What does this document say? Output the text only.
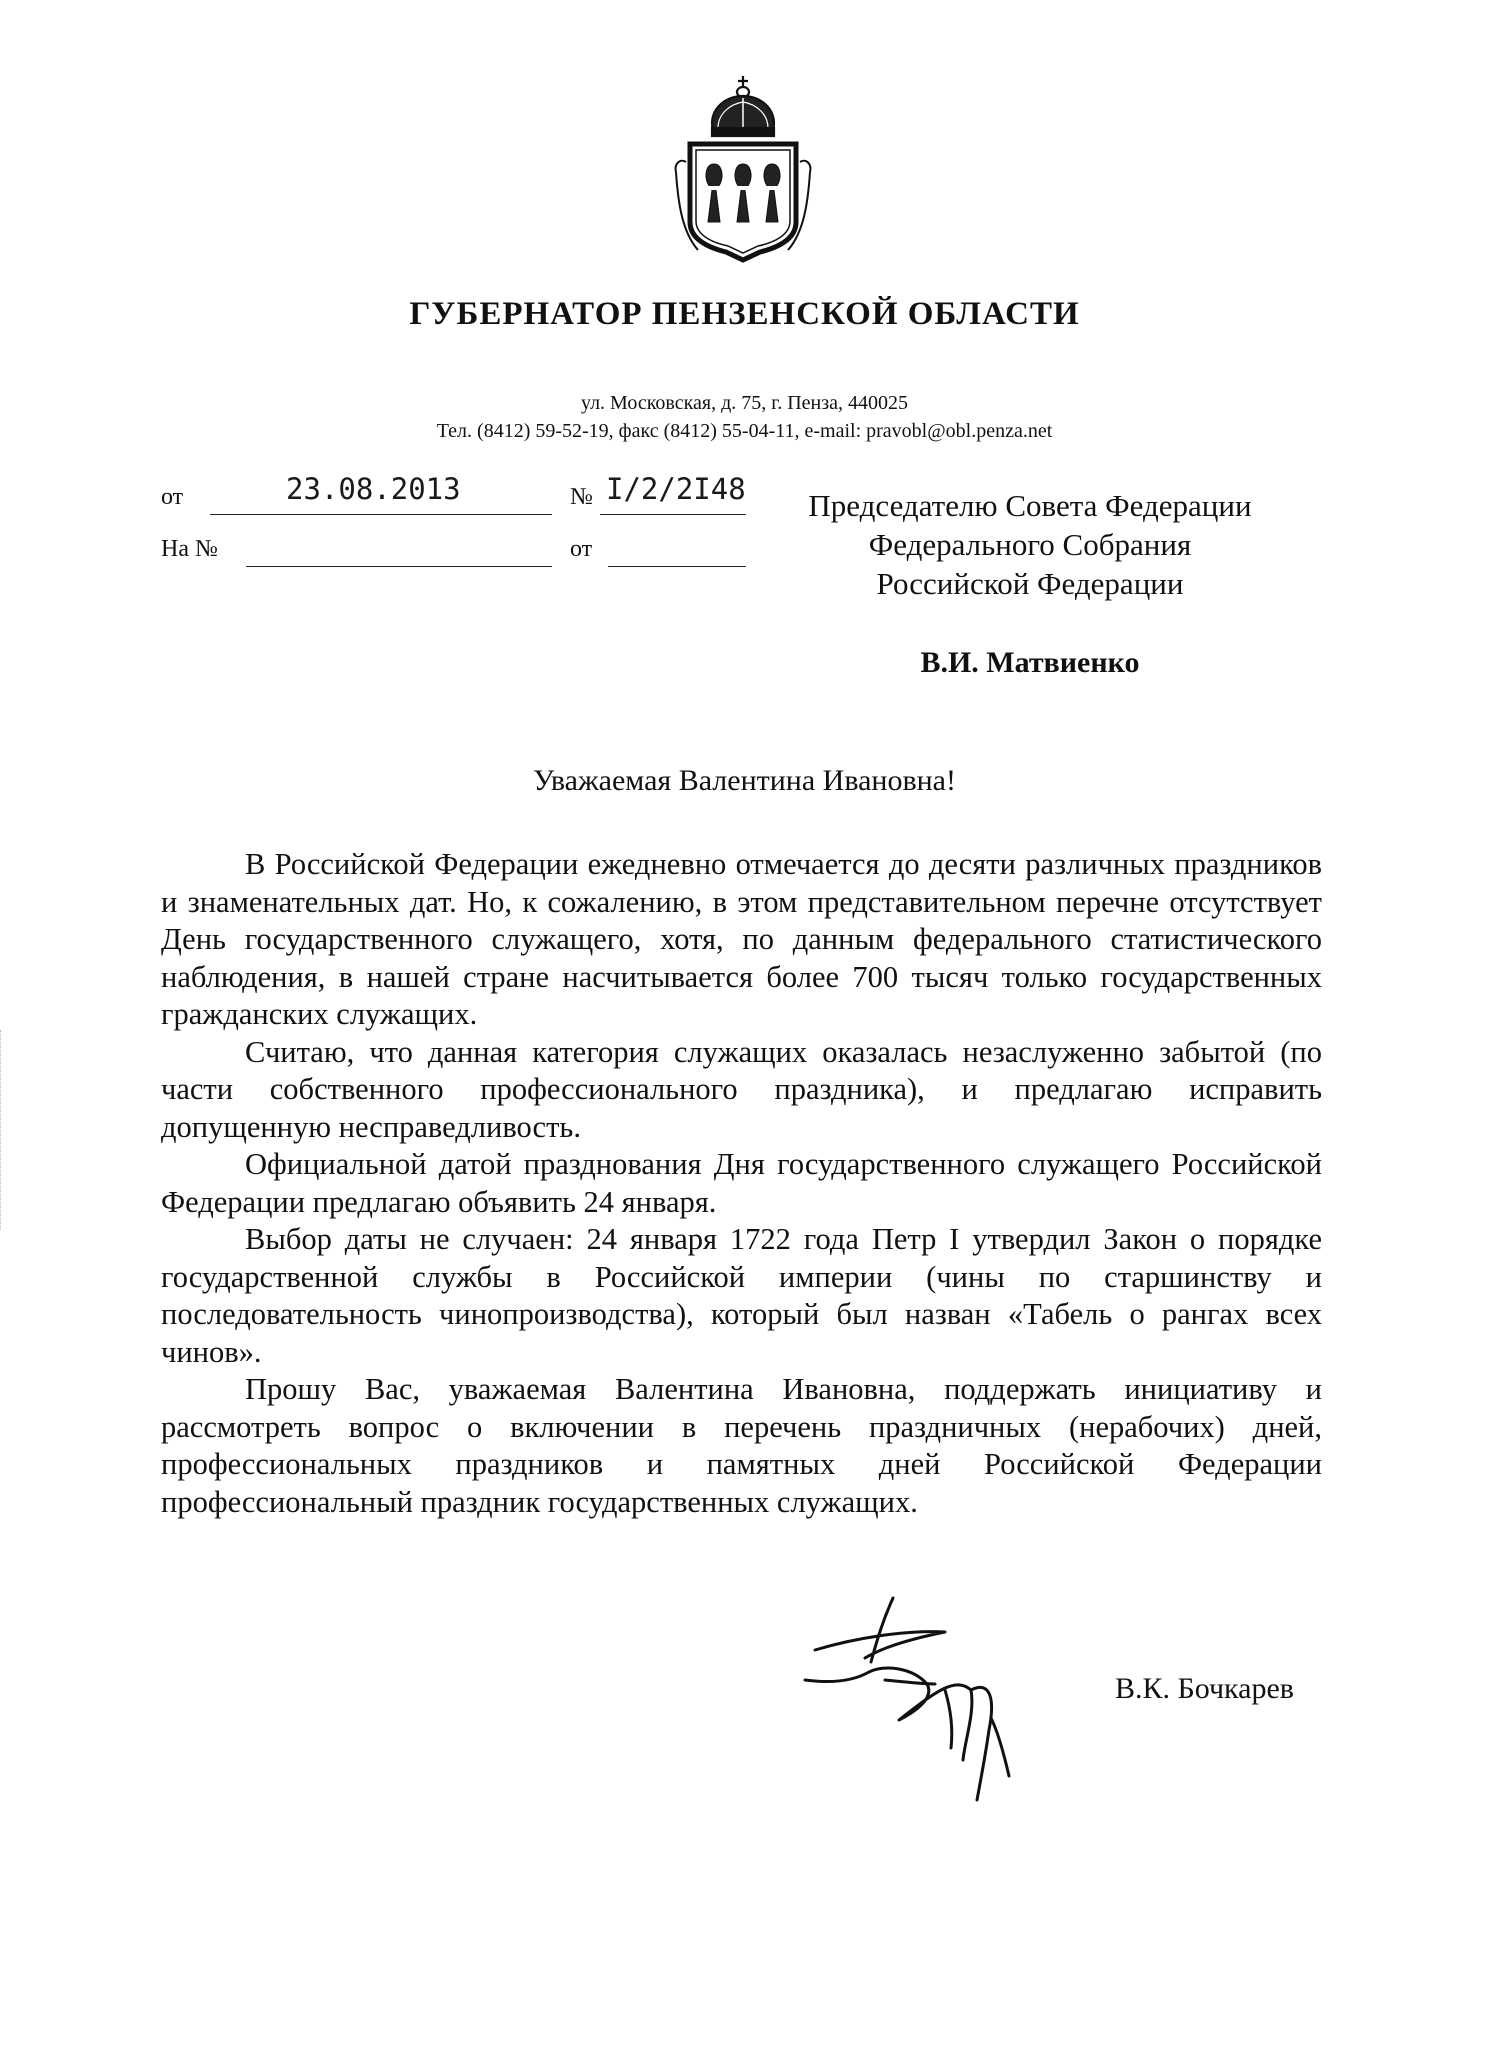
ГУБЕРНАТОР ПЕНЗЕНСКОЙ ОБЛАСТИ
ул. Московская, д. 75, г. Пенза, 440025
Тел. (8412) 59-52-19, факс (8412) 55-04-11, e-mail: pravobl@obl.penza.net
от	23.08.2013	№ I/2/2I48
На №	от
Председателю Совета Федерации
Федерального Собрания
Российской Федерации
В.И. Матвиенко
Уважаемая Валентина Ивановна!

В Российской Федерации ежедневно отмечается до десяти различных праздников и знаменательных дат. Но, к сожалению, в этом представительном перечне отсутствует День государственного служащего, хотя, по данным федерального статистического наблюдения, в нашей стране насчитывается более 700 тысяч только государственных гражданских служащих.

Считаю, что данная категория служащих оказалась незаслуженно забытой (по части собственного профессионального праздника), и предлагаю исправить допущенную несправедливость.

Официальной датой празднования Дня государственного служащего Российской Федерации предлагаю объявить 24 января.

Выбор даты не случаен: 24 января 1722 года Петр I утвердил Закон о порядке государственной службы в Российской империи (чины по старшинству и последовательность чинопроизводства), который был назван «Табель о рангах всех чинов».

Прошу Вас, уважаемая Валентина Ивановна, поддержать инициативу и рассмотреть вопрос о включении в перечень праздничных (нерабочих) дней, профессиональных праздников и памятных дней Российской Федерации профессиональный праздник государственных служащих.

В.К. Бочкарев
